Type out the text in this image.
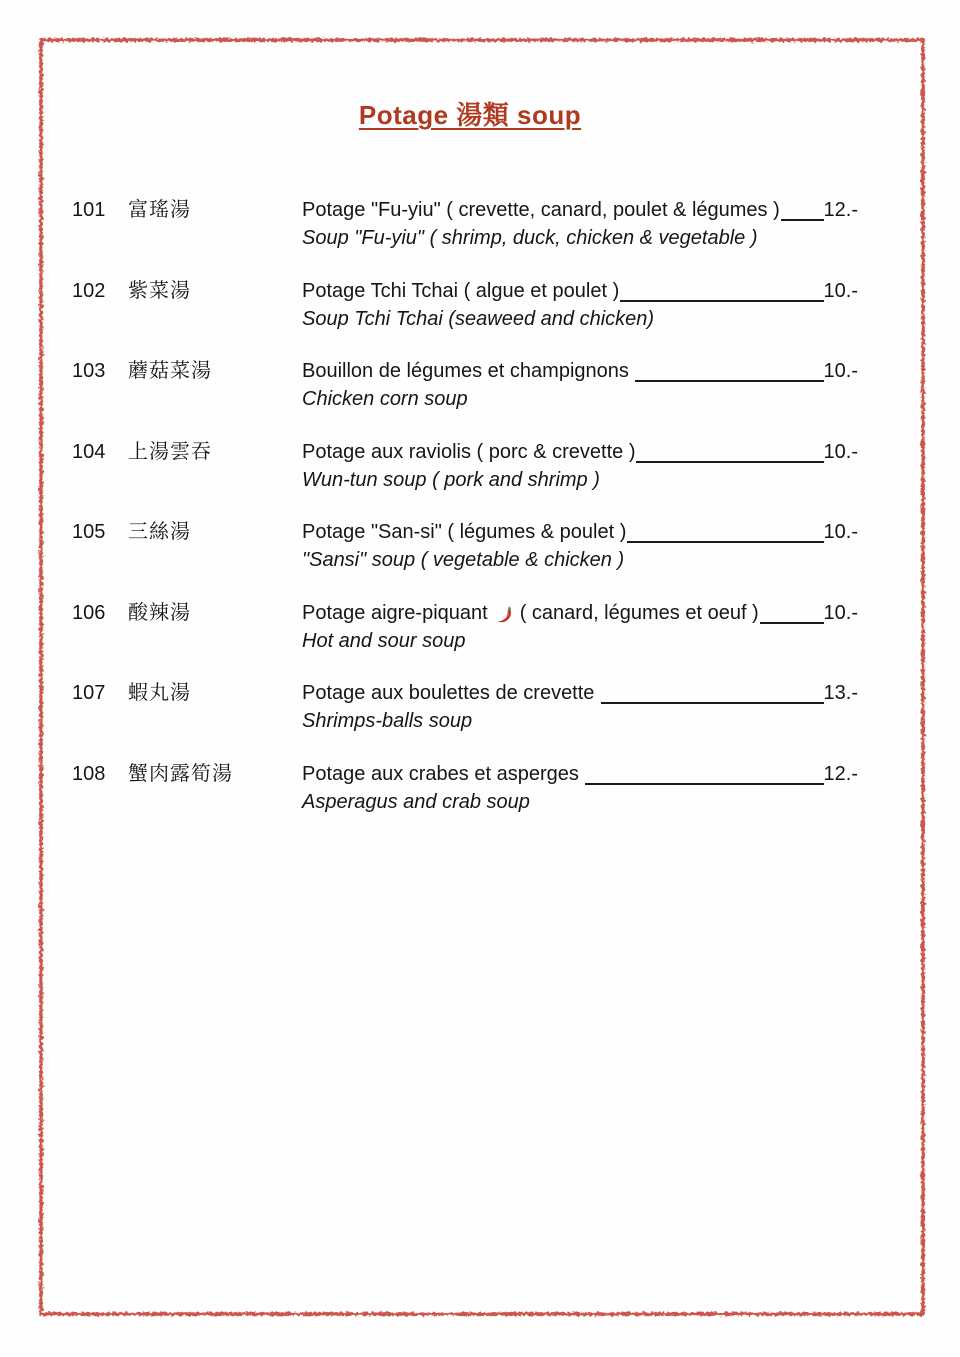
Potage 湯類 soup
101	富瑤湯	Potage "Fu-yiu" ( crevette, canard, poulet & légumes ) 12.-
Soup "Fu-yiu" ( shrimp, duck, chicken & vegetable )
102	紫菜湯	Potage Tchi Tchai ( algue et poulet )	10.-
Soup Tchi Tchai (seaweed and chicken)
103	蘑菇菜湯	Bouillon de légumes et champignons	10.-
Chicken corn soup
104	上湯雲吞	Potage aux raviolis ( porc & crevette )	10.-
Wun-tun soup ( pork and shrimp )
105	三絲湯	Potage "San-si" ( légumes & poulet )	10.-
"Sansi" soup ( vegetable & chicken )
106	酸辣湯	Potage aigre-piquant ( canard, légumes et oeuf )	10.-
Hot and sour soup
107	蝦丸湯	Potage aux boulettes de crevette	13.-
Shrimps-balls soup
108	蟹肉露筍湯	Potage aux crabes et asperges	12.-
Asperagus and crab soup
